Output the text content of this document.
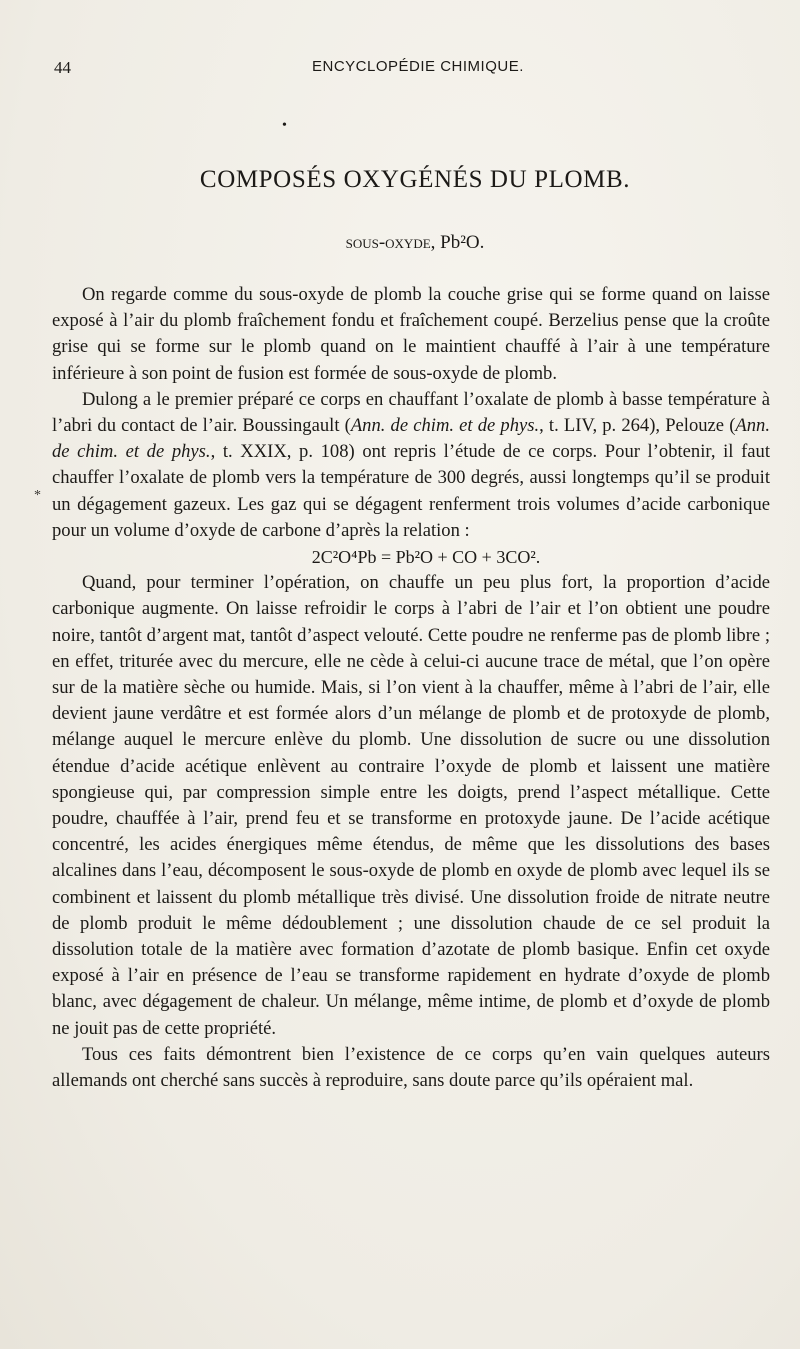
44
•
ENCYCLOPÉDIE CHIMIQUE.
COMPOSÉS OXYGÉNÉS DU PLOMB.
sous-oxyde, Pb²O.
*

On regarde comme du sous-oxyde de plomb la couche grise qui se forme quand on laisse exposé à l’air du plomb fraîchement fondu et fraîchement coupé. Berzelius pense que la croûte grise qui se forme sur le plomb quand on le maintient chauffé à l’air à une température inférieure à son point de fusion est formée de sous-oxyde de plomb.

Dulong a le premier préparé ce corps en chauffant l’oxalate de plomb à basse température à l’abri du contact de l’air. Boussingault (Ann. de chim. et de phys., t. LIV, p. 264), Pelouze (Ann. de chim. et de phys., t. XXIX, p. 108) ont repris l’étude de ce corps. Pour l’obtenir, il faut chauffer l’oxalate de plomb vers la température de 300 degrés, aussi longtemps qu’il se produit un dégagement gazeux. Les gaz qui se dégagent renferment trois volumes d’acide carbonique pour un volume d’oxyde de carbone d’après la relation :

2C²O⁴Pb = Pb²O + CO + 3CO².

Quand, pour terminer l’opération, on chauffe un peu plus fort, la proportion d’acide carbonique augmente. On laisse refroidir le corps à l’abri de l’air et l’on obtient une poudre noire, tantôt d’argent mat, tantôt d’aspect velouté. Cette poudre ne renferme pas de plomb libre ; en effet, triturée avec du mercure, elle ne cède à celui-ci aucune trace de métal, que l’on opère sur de la matière sèche ou humide. Mais, si l’on vient à la chauffer, même à l’abri de l’air, elle devient jaune verdâtre et est formée alors d’un mélange de plomb et de protoxyde de plomb, mélange auquel le mercure enlève du plomb. Une dissolution de sucre ou une dissolution étendue d’acide acétique enlèvent au contraire l’oxyde de plomb et laissent une matière spongieuse qui, par compression simple entre les doigts, prend l’aspect métallique. Cette poudre, chauffée à l’air, prend feu et se transforme en protoxyde jaune. De l’acide acétique concentré, les acides énergiques même étendus, de même que les dissolutions des bases alcalines dans l’eau, décomposent le sous-oxyde de plomb en oxyde de plomb avec lequel ils se combinent et laissent du plomb métallique très divisé. Une dissolution froide de nitrate neutre de plomb produit le même dédoublement ; une dissolution chaude de ce sel produit la dissolution totale de la matière avec formation d’azotate de plomb basique. Enfin cet oxyde exposé à l’air en présence de l’eau se transforme rapidement en hydrate d’oxyde de plomb blanc, avec dégagement de chaleur. Un mélange, même intime, de plomb et d’oxyde de plomb ne jouit pas de cette propriété.

Tous ces faits démontrent bien l’existence de ce corps qu’en vain quelques auteurs allemands ont cherché sans succès à reproduire, sans doute parce qu’ils opéraient mal.
